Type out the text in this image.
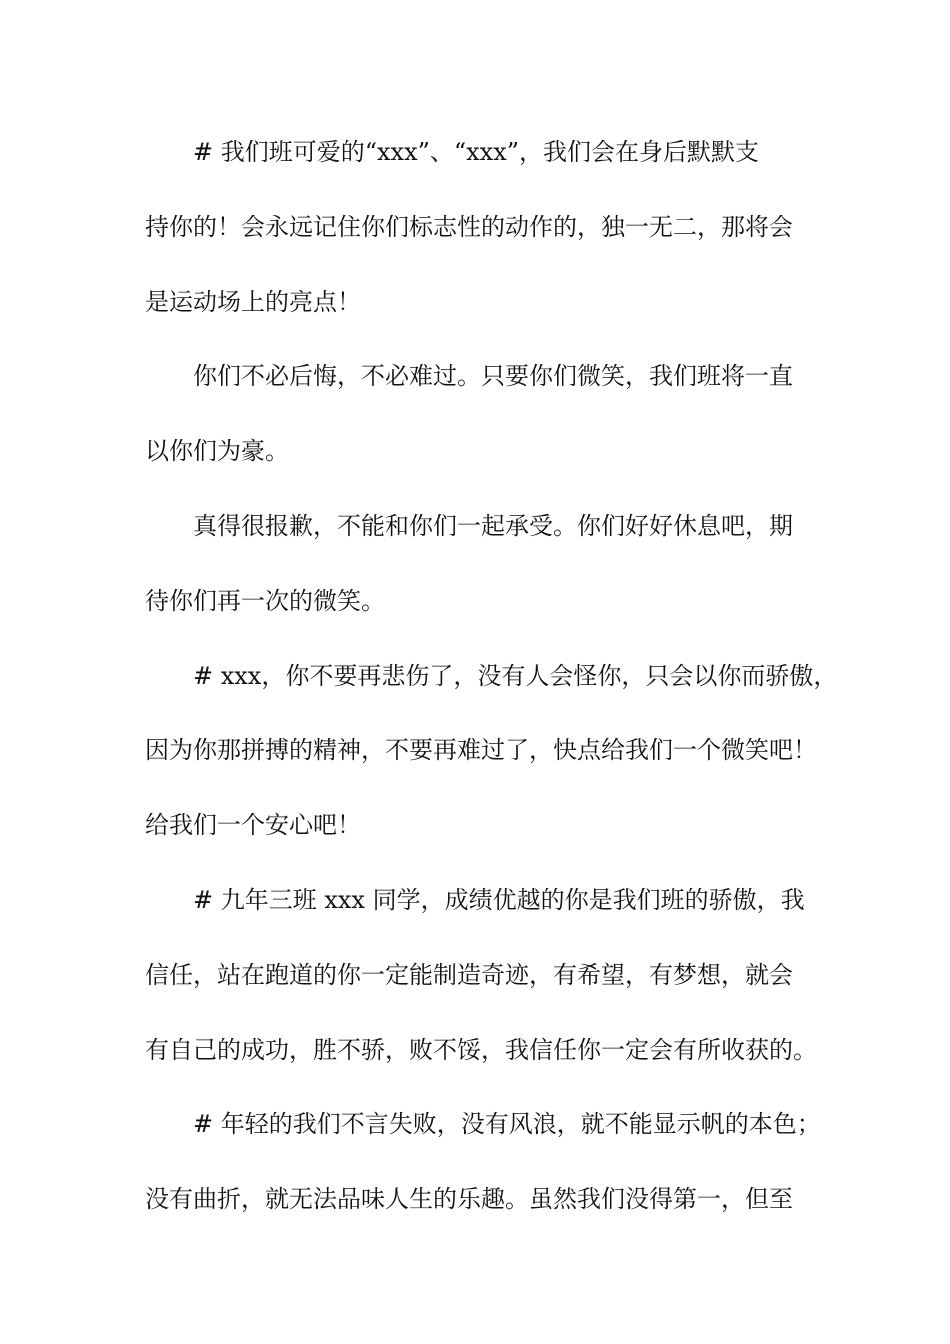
# 我们班可爱的“xxx”、“xxx”，我们会在身后默默支
持你的！会永远记住你们标志性的动作的，独一无二，那将会
是运动场上的亮点！
你们不必后悔，不必难过。只要你们微笑，我们班将一直
以你们为豪。
真得很报歉，不能和你们一起承受。你们好好休息吧，期
待你们再一次的微笑。
# xxx，你不要再悲伤了，没有人会怪你，只会以你而骄傲，
因为你那拼搏的精神，不要再难过了，快点给我们一个微笑吧！
给我们一个安心吧！
# 九年三班 xxx 同学，成绩优越的你是我们班的骄傲，我
信任，站在跑道的你一定能制造奇迹，有希望，有梦想，就会
有自己的成功，胜不骄，败不馁，我信任你一定会有所收获的。
# 年轻的我们不言失败，没有风浪，就不能显示帆的本色；
没有曲折，就无法品味人生的乐趣。虽然我们没得第一，但至
